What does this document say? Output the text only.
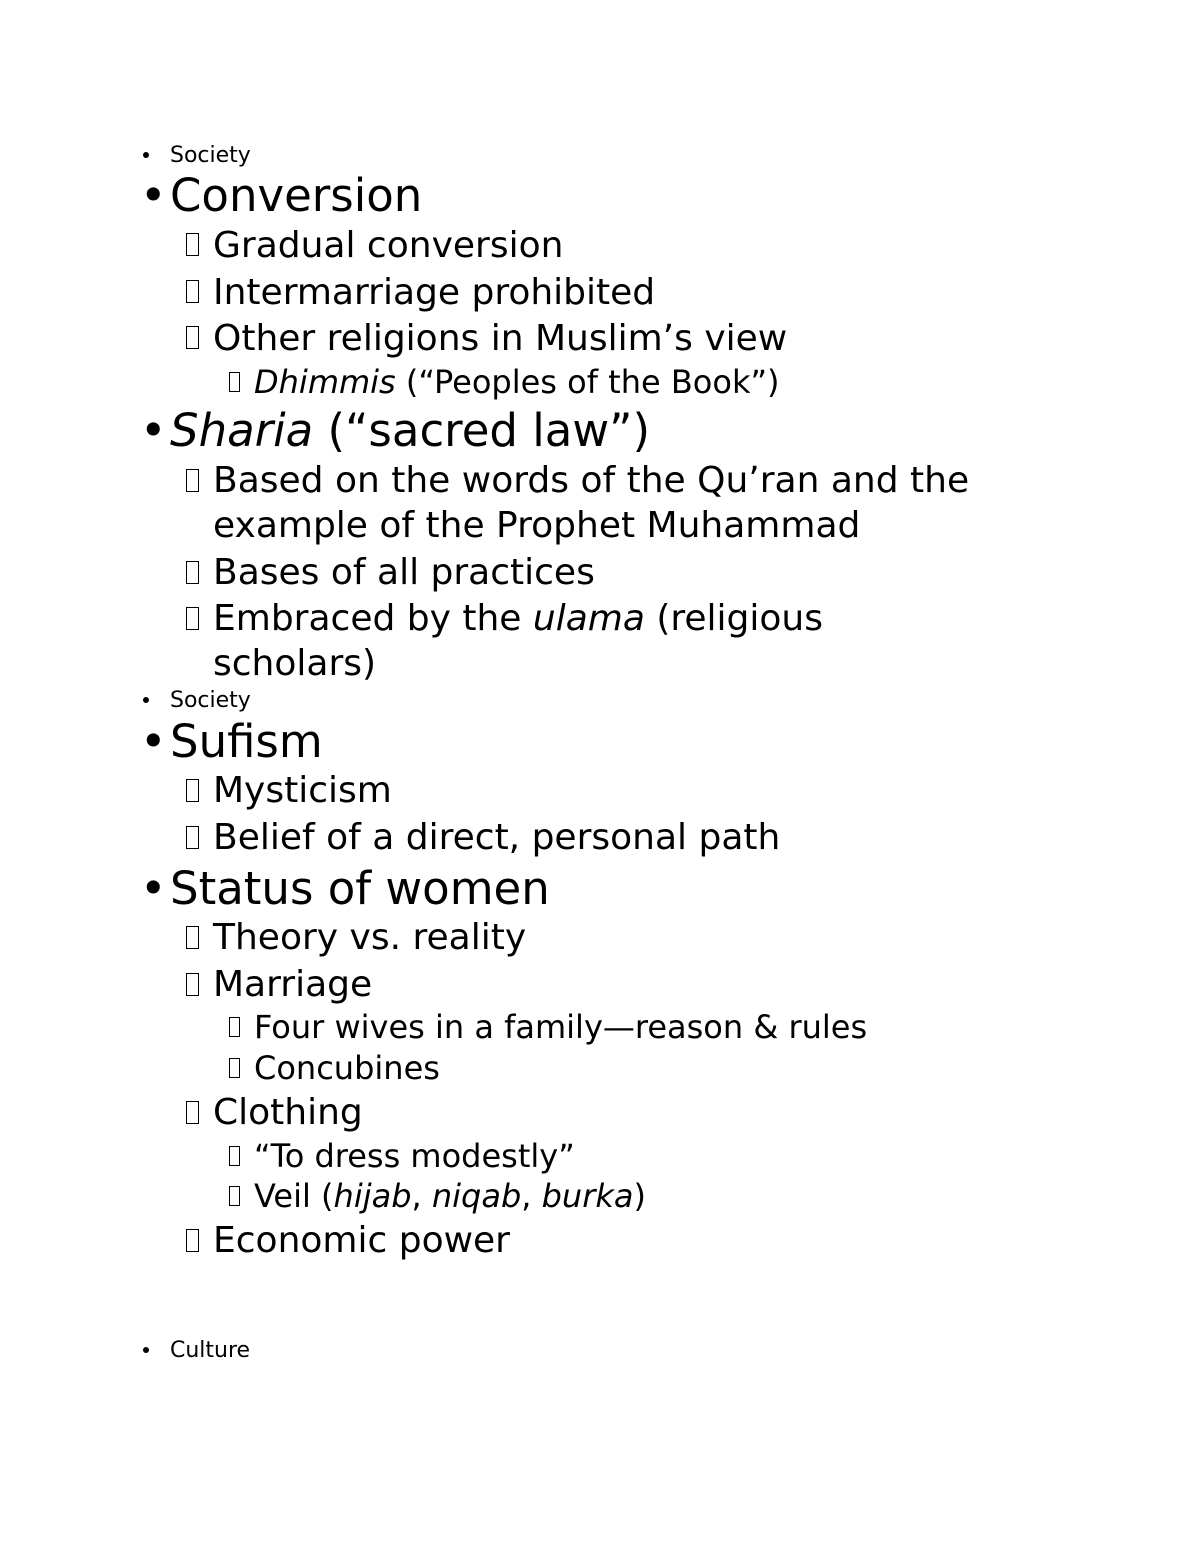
Society
• Conversion
Gradual conversion
Intermarriage prohibited
Other religions in Muslim’s view
Dhimmis (“Peoples of the Book”)
• Sharia (“sacred law”)
Based on the words of the Qu’ran and the
example of the Prophet Muhammad
Bases of all practices
Embraced by the ulama (religious
scholars)
Society
• Sufism
Mysticism
Belief of a direct, personal path
• Status of women
Theory vs. reality
Marriage
Four wives in a family—reason & rules
Concubines
Clothing
“To dress modestly”
Veil (hijab, niqab, burka)
Economic power
Culture
